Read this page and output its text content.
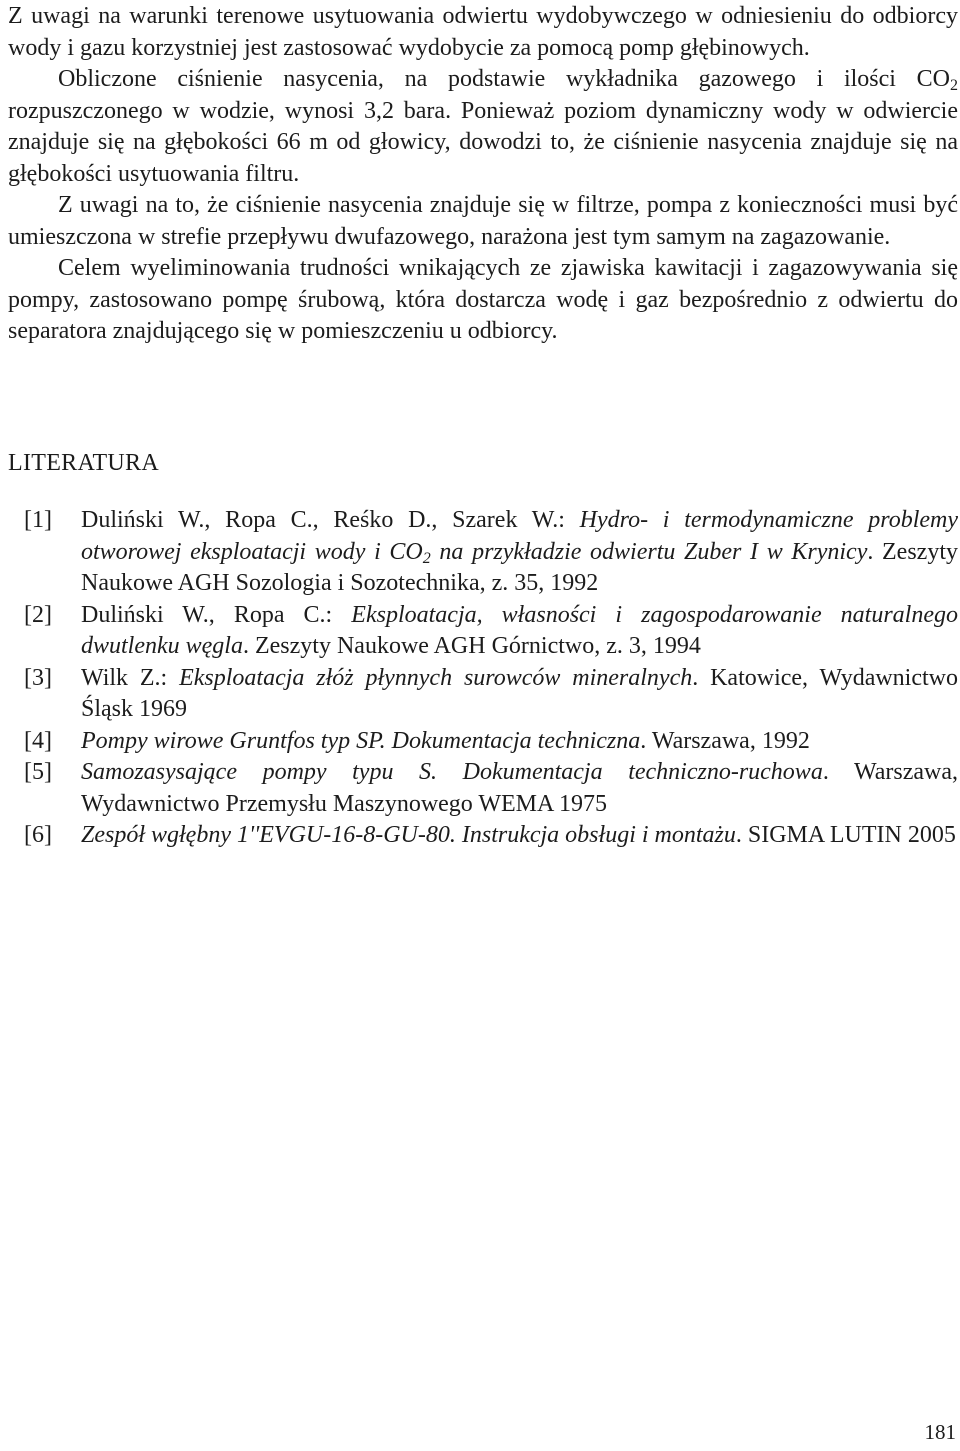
Z uwagi na warunki terenowe usytuowania odwiertu wydobywczego w odniesieniu do odbiorcy wody i gazu korzystniej jest zastosować wydobycie za pomocą pomp głębinowych.
Obliczone ciśnienie nasycenia, na podstawie wykładnika gazowego i ilości $CO_2$ rozpuszczonego w wodzie, wynosi 3,2 bara. Ponieważ poziom dynamiczny wody w odwiercie znajduje się na głębokości 66 m od głowicy, dowodzi to, że ciśnienie nasycenia znajduje się na głębokości usytuowania filtru.
Z uwagi na to, że ciśnienie nasycenia znajduje się w filtrze, pompa z konieczności musi być umieszczona w strefie przepływu dwufazowego, narażona jest tym samym na zagazowanie.
Celem wyeliminowania trudności wnikających ze zjawiska kawitacji i zagazowywania się pompy, zastosowano pompę śrubową, która dostarcza wodę i gaz bezpośrednio z odwiertu do separatora znajdującego się w pomieszczeniu u odbiorcy.
LITERATURA
[1] Duliński W., Ropa C., Reśko D., Szarek W.: Hydro- i termodynamiczne problemy otworowej eksploatacji wody i $CO_2$ na przykładzie odwiertu Zuber I w Krynicy. Zeszyty Naukowe AGH Sozologia i Sozotechnika, z. 35, 1992
[2] Duliński W., Ropa C.: Eksploatacja, własności i zagospodarowanie naturalnego dwutlenku węgla. Zeszyty Naukowe AGH Górnictwo, z. 3, 1994
[3] Wilk Z.: Eksploatacja złóż płynnych surowców mineralnych. Katowice, Wydawnictwo Śląsk 1969
[4] Pompy wirowe Gruntfos typ SP. Dokumentacja techniczna. Warszawa, 1992
[5] Samozasysające pompy typu S. Dokumentacja techniczno-ruchowa. Warszawa, Wydawnictwo Przemysłu Maszynowego WEMA 1975
[6] Zespół wgłębny 1''EVGU-16-8-GU-80. Instrukcja obsługi i montażu. SIGMA LUTIN 2005
181
